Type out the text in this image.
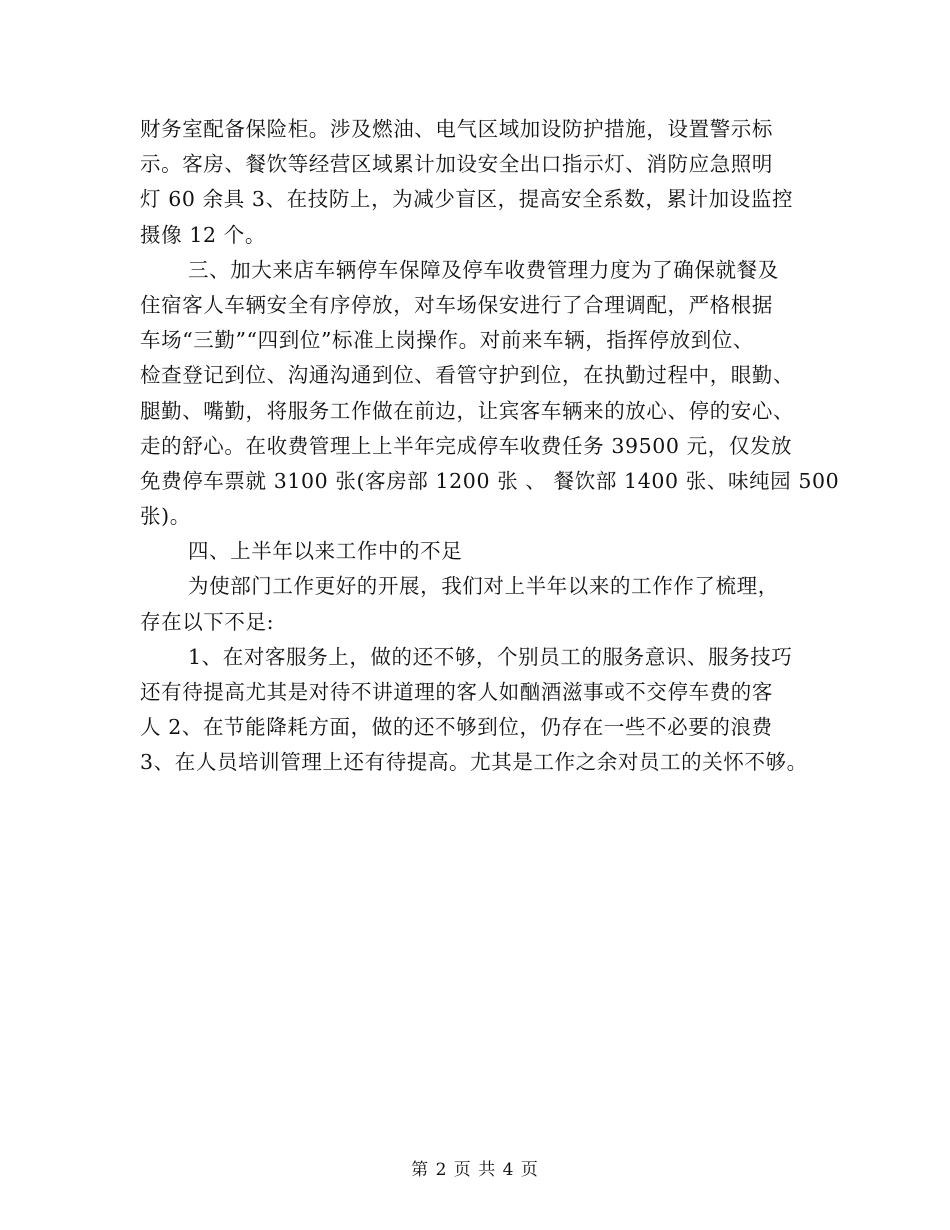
财务室配备保险柜。涉及燃油、电气区域加设防护措施，设置警示标
示。客房、餐饮等经营区域累计加设安全出口指示灯、消防应急照明
灯 60 余具 3、在技防上，为减少盲区，提高安全系数，累计加设监控
摄像 12 个。
三、加大来店车辆停车保障及停车收费管理力度为了确保就餐及
住宿客人车辆安全有序停放，对车场保安进行了合理调配，严格根据
车场“三勤”“四到位”标准上岗操作。对前来车辆，指挥停放到位、
检查登记到位、沟通沟通到位、看管守护到位，在执勤过程中，眼勤、
腿勤、嘴勤，将服务工作做在前边，让宾客车辆来的放心、停的安心、
走的舒心。在收费管理上上半年完成停车收费任务 39500 元，仅发放
免费停车票就 3100 张(客房部 1200 张 、 餐饮部 1400 张、味纯园 500
张)。
四、上半年以来工作中的不足
为使部门工作更好的开展，我们对上半年以来的工作作了梳理，
存在以下不足:
1、在对客服务上，做的还不够，个别员工的服务意识、服务技巧
还有待提高尤其是对待不讲道理的客人如酗酒滋事或不交停车费的客
人 2、在节能降耗方面，做的还不够到位，仍存在一些不必要的浪费
3、在人员培训管理上还有待提高。尤其是工作之余对员工的关怀不够。
第 2 页 共 4 页
